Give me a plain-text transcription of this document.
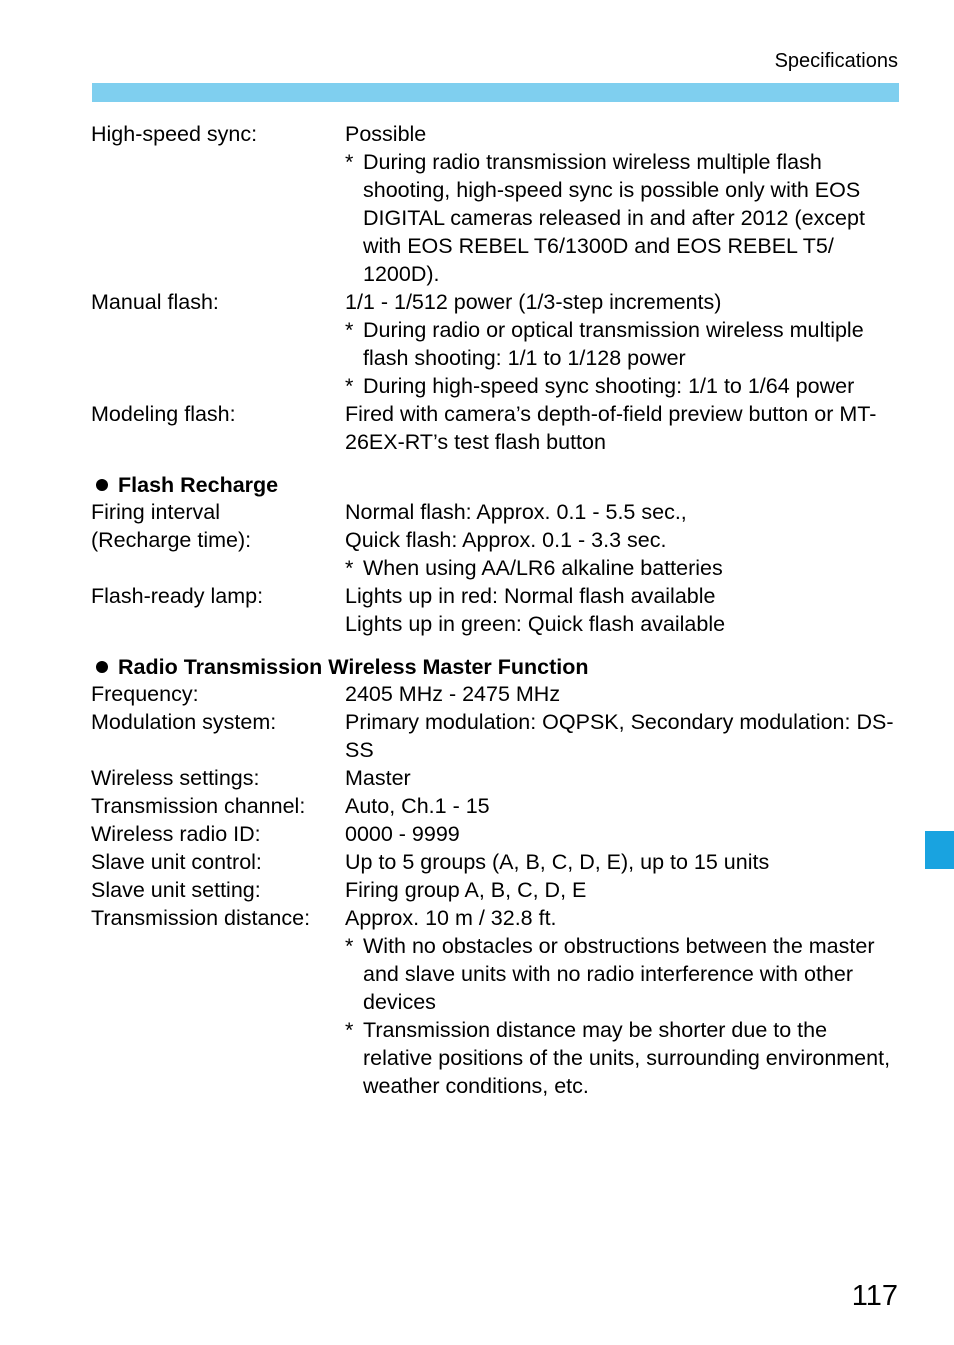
Specifications
High-speed sync:	Possible
* During radio transmission wireless multiple flash shooting, high-speed sync is possible only with EOS DIGITAL cameras released in and after 2012 (except with EOS REBEL T6/1300D and EOS REBEL T5/ 1200D).
Manual flash:	1/1 - 1/512 power (1/3-step increments)
* During radio or optical transmission wireless multiple flash shooting: 1/1 to 1/128 power
* During high-speed sync shooting: 1/1 to 1/64 power
Modeling flash:	Fired with camera’s depth-of-field preview button or MT-26EX-RT’s test flash button
Flash Recharge
Firing interval	Normal flash: Approx. 0.1 - 5.5 sec.,
(Recharge time):	Quick flash: Approx. 0.1 - 3.3 sec.
* When using AA/LR6 alkaline batteries
Flash-ready lamp:	Lights up in red: Normal flash available
Lights up in green: Quick flash available
Radio Transmission Wireless Master Function
Frequency:	2405 MHz - 2475 MHz
Modulation system:	Primary modulation: OQPSK, Secondary modulation: DS-SS
Wireless settings:	Master
Transmission channel:	Auto, Ch.1 - 15
Wireless radio ID:	0000 - 9999
Slave unit control:	Up to 5 groups (A, B, C, D, E), up to 15 units
Slave unit setting:	Firing group A, B, C, D, E
Transmission distance:	Approx. 10 m / 32.8 ft.
* With no obstacles or obstructions between the master and slave units with no radio interference with other devices
* Transmission distance may be shorter due to the relative positions of the units, surrounding environment, weather conditions, etc.
117
